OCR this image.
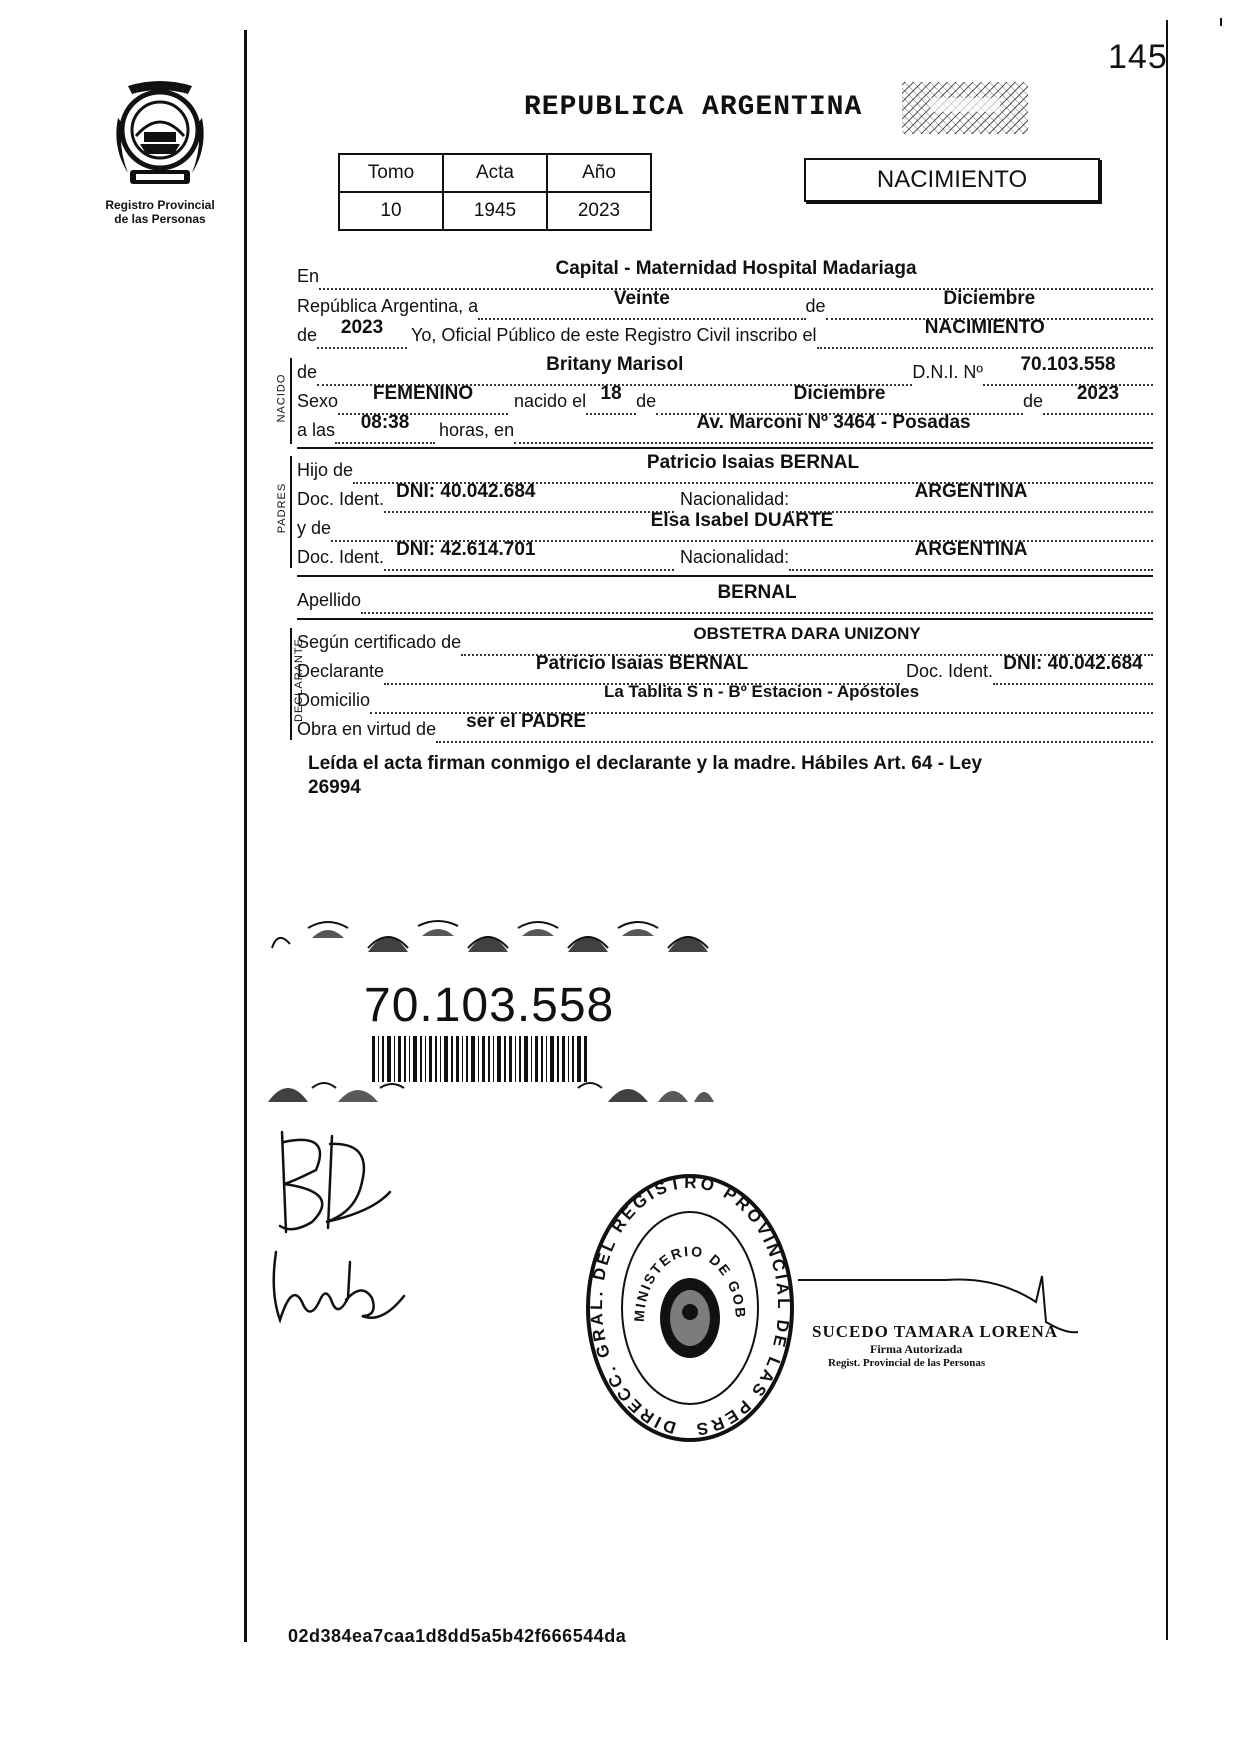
145
Registro Provincial
de las Personas
REPUBLICA ARGENTINA
Tomo	Acta	Año
10	1945	2023
NACIMIENTO
En	Capital - Maternidad Hospital Madariaga
República Argentina, a	Veinte	de	Diciembre
de	2023	Yo, Oficial Público de este Registro Civil inscribo el	NACIMIENTO
NACIDO
de	Britany Marisol	D.N.I. Nº	70.103.558
Sexo	FEMENINO	nacido el 18 de	Diciembre	de	2023
a las	08:38	horas, en	Av. Marconi Nº 3464 - Posadas
PADRES
Hijo de	Patricio Isaias BERNAL
Doc. Ident. DNI: 40.042.684	Nacionalidad:	ARGENTINA
y de	Elsa Isabel DUARTE
Doc. Ident. DNI: 42.614.701	Nacionalidad:	ARGENTINA
Apellido	BERNAL
DECLARANTE
Según certificado de	OBSTETRA DARA UNIZONY
Declarante	Patricio Isaias BERNAL	Doc. Ident. DNI: 40.042.684
Domicilio	La Tablita S n - Bº Estacion - Apóstoles
Obra en virtud de ser el PADRE
Leída el acta firman conmigo el declarante y la madre. Hábiles Art. 64 - Ley
26994
70.103.558
DIRECC. GRAL. DEL REGISTRO PROVINCIAL DE LAS PERS
MINISTERIO DE GOB
SUCEDO TAMARA LORENA
Firma Autorizada
Regist. Provincial de las Personas
02d384ea7caa1d8dd5a5b42f666544da
